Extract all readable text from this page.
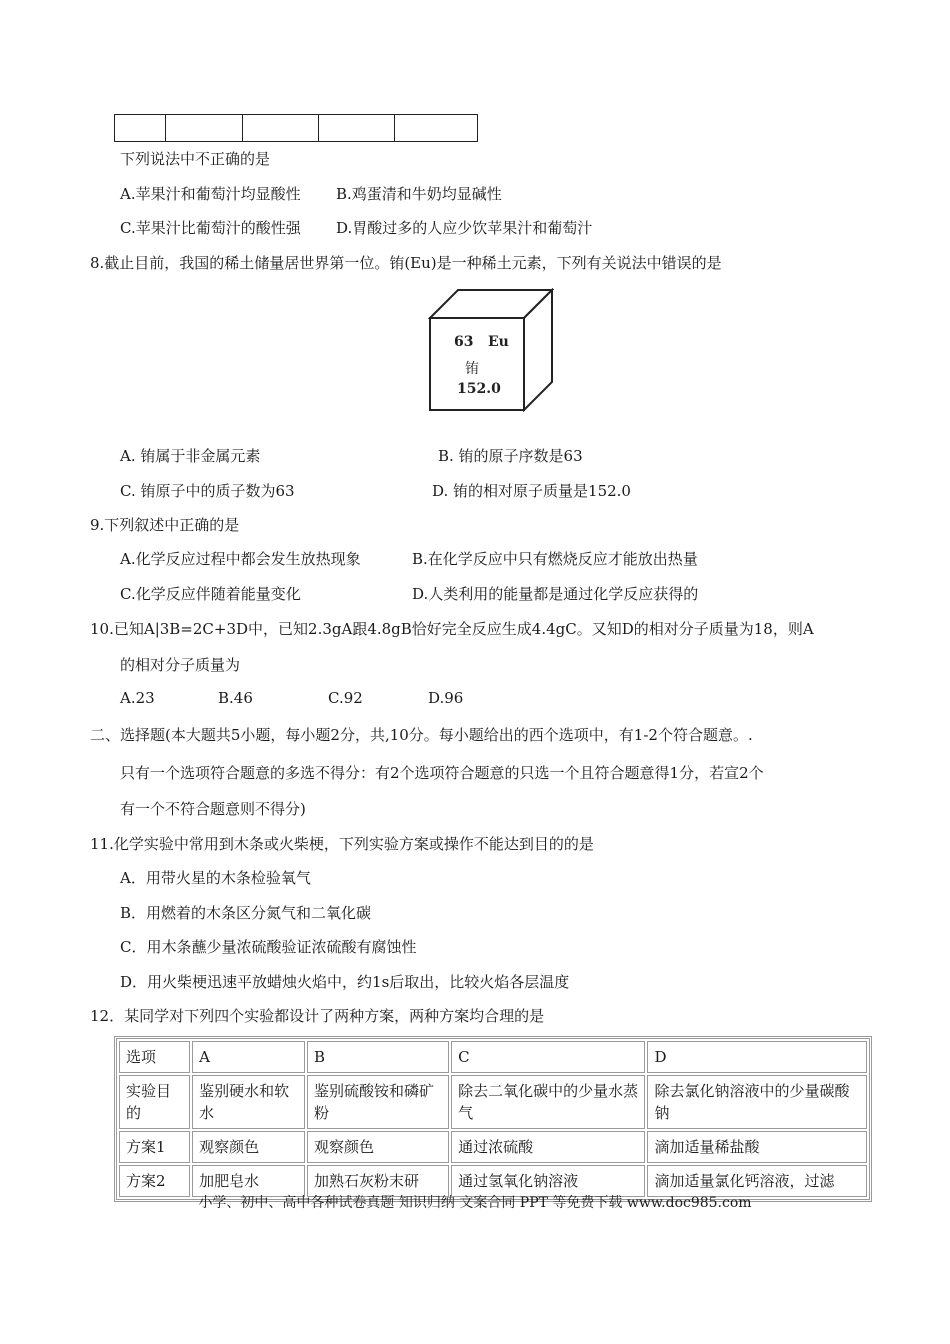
下列说法中不正确的是
A.苹果汁和葡萄汁均显酸性 B.鸡蛋清和牛奶均显碱性
C.苹果汁比葡萄汁的酸性强 D.胃酸过多的人应少饮苹果汁和葡萄汁
8.截止目前，我国的稀土储量居世界第一位。铕(Eu)是一种稀土元素，下列有关说法中错误的是
63 Eu
铕
152.0
A. 铕属于非金属元素	B. 铕的原子序数是63
C. 铕原子中的质子数为63	D. 铕的相对原子质量是152.0
9.下列叙述中正确的是
A.化学反应过程中都会发生放热现象	B.在化学反应中只有燃烧反应才能放出热量
C.化学反应伴随着能量变化	D.人类利用的能量都是通过化学反应获得的
10.已知A|3B=2C+3D中，已知2.3gA跟4.8gB恰好完全反应生成4.4gC。又知D的相对分子质量为18，则A
的相对分子质量为
A.23	B.46	C.92	D.96
二、选择题(本大题共5小题，每小题2分，共,10分。每小题给出的西个选项中，有1-2个符合题意。.
只有一个选项符合题意的多选不得分：有2个选项符合题意的只选一个且符合题意得1分，若宣2个
有一个不符合题意则不得分)
11.化学实验中常用到木条或火柴梗，下列实验方案或操作不能达到目的的是
A．用带火星的木条检验氧气
B．用燃着的木条区分氮气和二氧化碳
C．用木条蘸少量浓硫酸验证浓硫酸有腐蚀性
D．用火柴梗迅速平放蜡烛火焰中，约1s后取出，比较火焰各层温度
12．某同学对下列四个实验都设计了两种方案，两种方案均合理的是
选项	A	B	C	D
实验目的	鉴别硬水和软水	鉴别硫酸铵和磷矿粉	除去二氧化碳中的少量水蒸气	除去氯化钠溶液中的少量碳酸钠
方案1	观察颜色	观察颜色	通过浓硫酸	滴加适量稀盐酸
方案2	加肥皂水	加熟石灰粉末研	通过氢氧化钠溶液	滴加适量氯化钙溶液，过滤
小学、初中、高中各种试卷真题 知识归纳 文案合同 PPT 等免费下载 www.doc985.com
